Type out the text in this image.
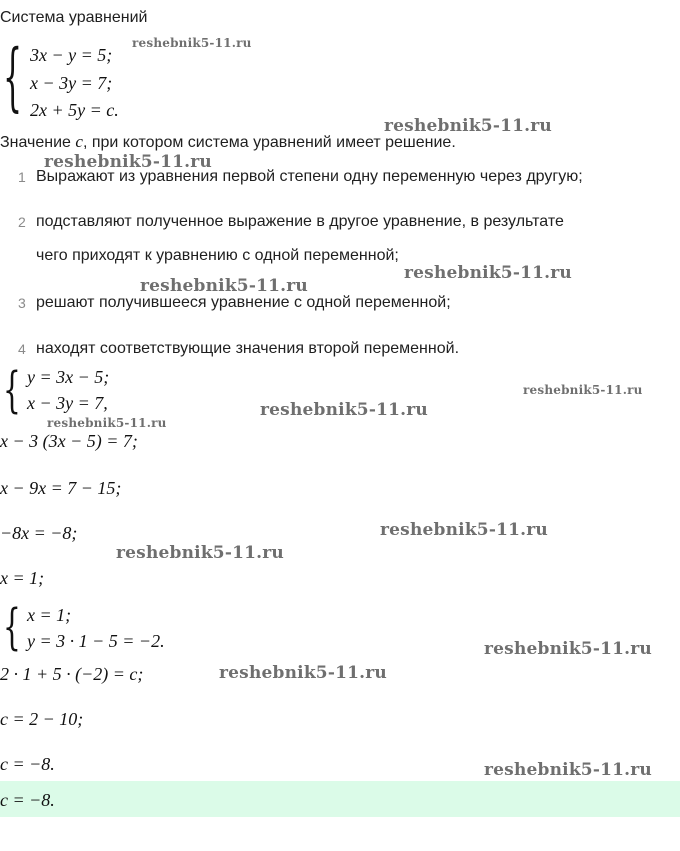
Система уравнений
{ 3x − y = 5;
x − 3y = 7;
2x + 5y = c.
Значение c, при котором система уравнений имеет решение.
1 Выражают из уравнения первой степени одну переменную через другую;
2 подставляют полученное выражение в другое уравнение, в результате
чего приходят к уравнению с одной переменной;
3 решают получившееся уравнение с одной переменной;
4 находят соответствующие значения второй переменной.
{ y = 3x − 5;
x − 3y = 7,
x − 3 (3x − 5) = 7;
x − 9x = 7 − 15;
−8x = −8;
x = 1;
{ x = 1;
y = 3 · 1 − 5 = −2.
2 · 1 + 5 · (−2) = c;
c = 2 − 10;
c = −8.
c = −8.
reshebnik5-11.ru
reshebnik5-11.ru
reshebnik5-11.ru
reshebnik5-11.ru
reshebnik5-11.ru
reshebnik5-11.ru
reshebnik5-11.ru
reshebnik5-11.ru
reshebnik5-11.ru
reshebnik5-11.ru
reshebnik5-11.ru
reshebnik5-11.ru
reshebnik5-11.ru
